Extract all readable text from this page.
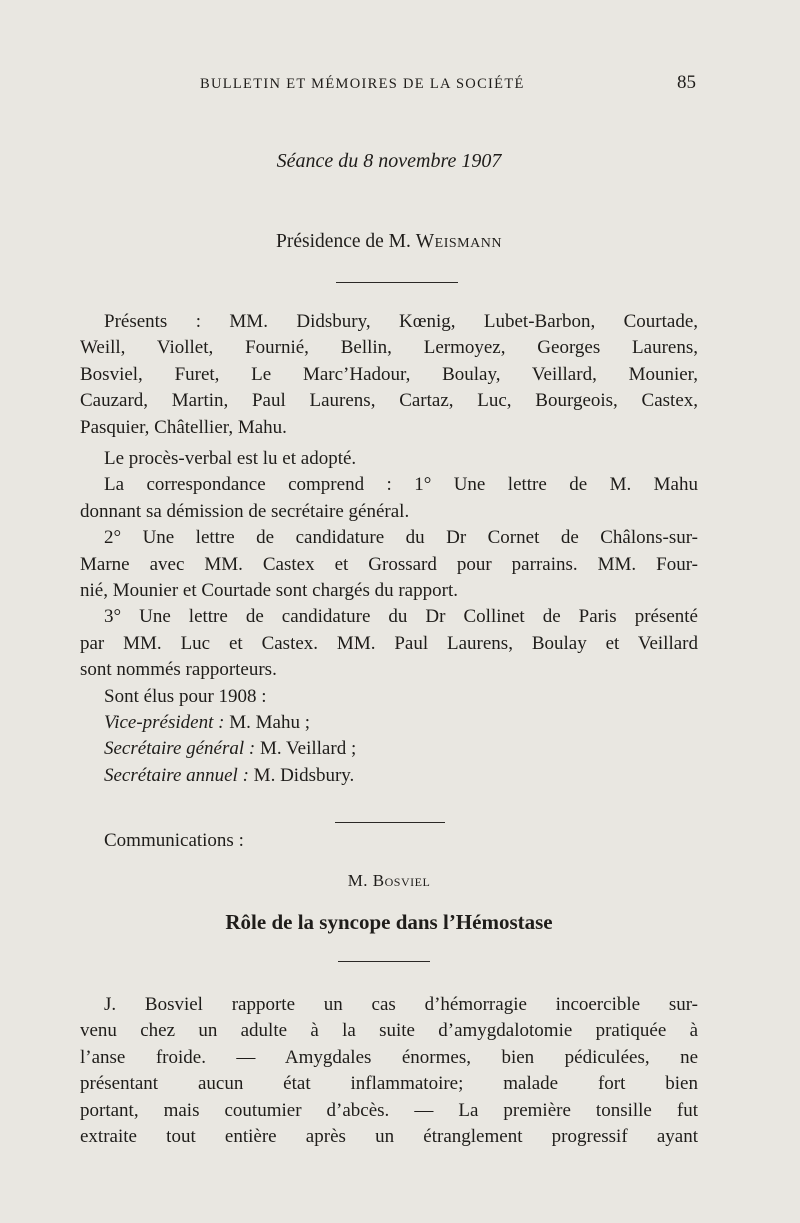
BULLETIN ET MÉMOIRES DE LA SOCIÉTÉ	85
Séance du 8 novembre 1907
Présidence de M. Weismann
Présents : MM. Didsbury, Kœnig, Lubet-Barbon, Courtade,
Weill, Viollet, Fournié, Bellin, Lermoyez, Georges Laurens,
Bosviel, Furet, Le Marc’Hadour, Boulay, Veillard, Mounier,
Cauzard, Martin, Paul Laurens, Cartaz, Luc, Bourgeois, Castex,
Pasquier, Châtellier, Mahu.
Le procès-verbal est lu et adopté.
La correspondance comprend : 1° Une lettre de M. Mahu
donnant sa démission de secrétaire général.
2° Une lettre de candidature du Dr Cornet de Châlons-sur-
Marne avec MM. Castex et Grossard pour parrains. MM. Four-
nié, Mounier et Courtade sont chargés du rapport.
3° Une lettre de candidature du Dr Collinet de Paris présenté
par MM. Luc et Castex. MM. Paul Laurens, Boulay et Veillard
sont nommés rapporteurs.
Sont élus pour 1908 :
Vice-président : M. Mahu ;
Secrétaire général : M. Veillard ;
Secrétaire annuel : M. Didsbury.
Communications :
M. Bosviel
Rôle de la syncope dans l’Hémostase
J. Bosviel rapporte un cas d’hémorragie incoercible sur-
venu chez un adulte à la suite d’amygdalotomie pratiquée à
l’anse froide. — Amygdales énormes, bien pédiculées, ne
présentant aucun état inflammatoire; malade fort bien
portant, mais coutumier d’abcès. — La première tonsille fut
extraite tout entière après un étranglement progressif ayant
